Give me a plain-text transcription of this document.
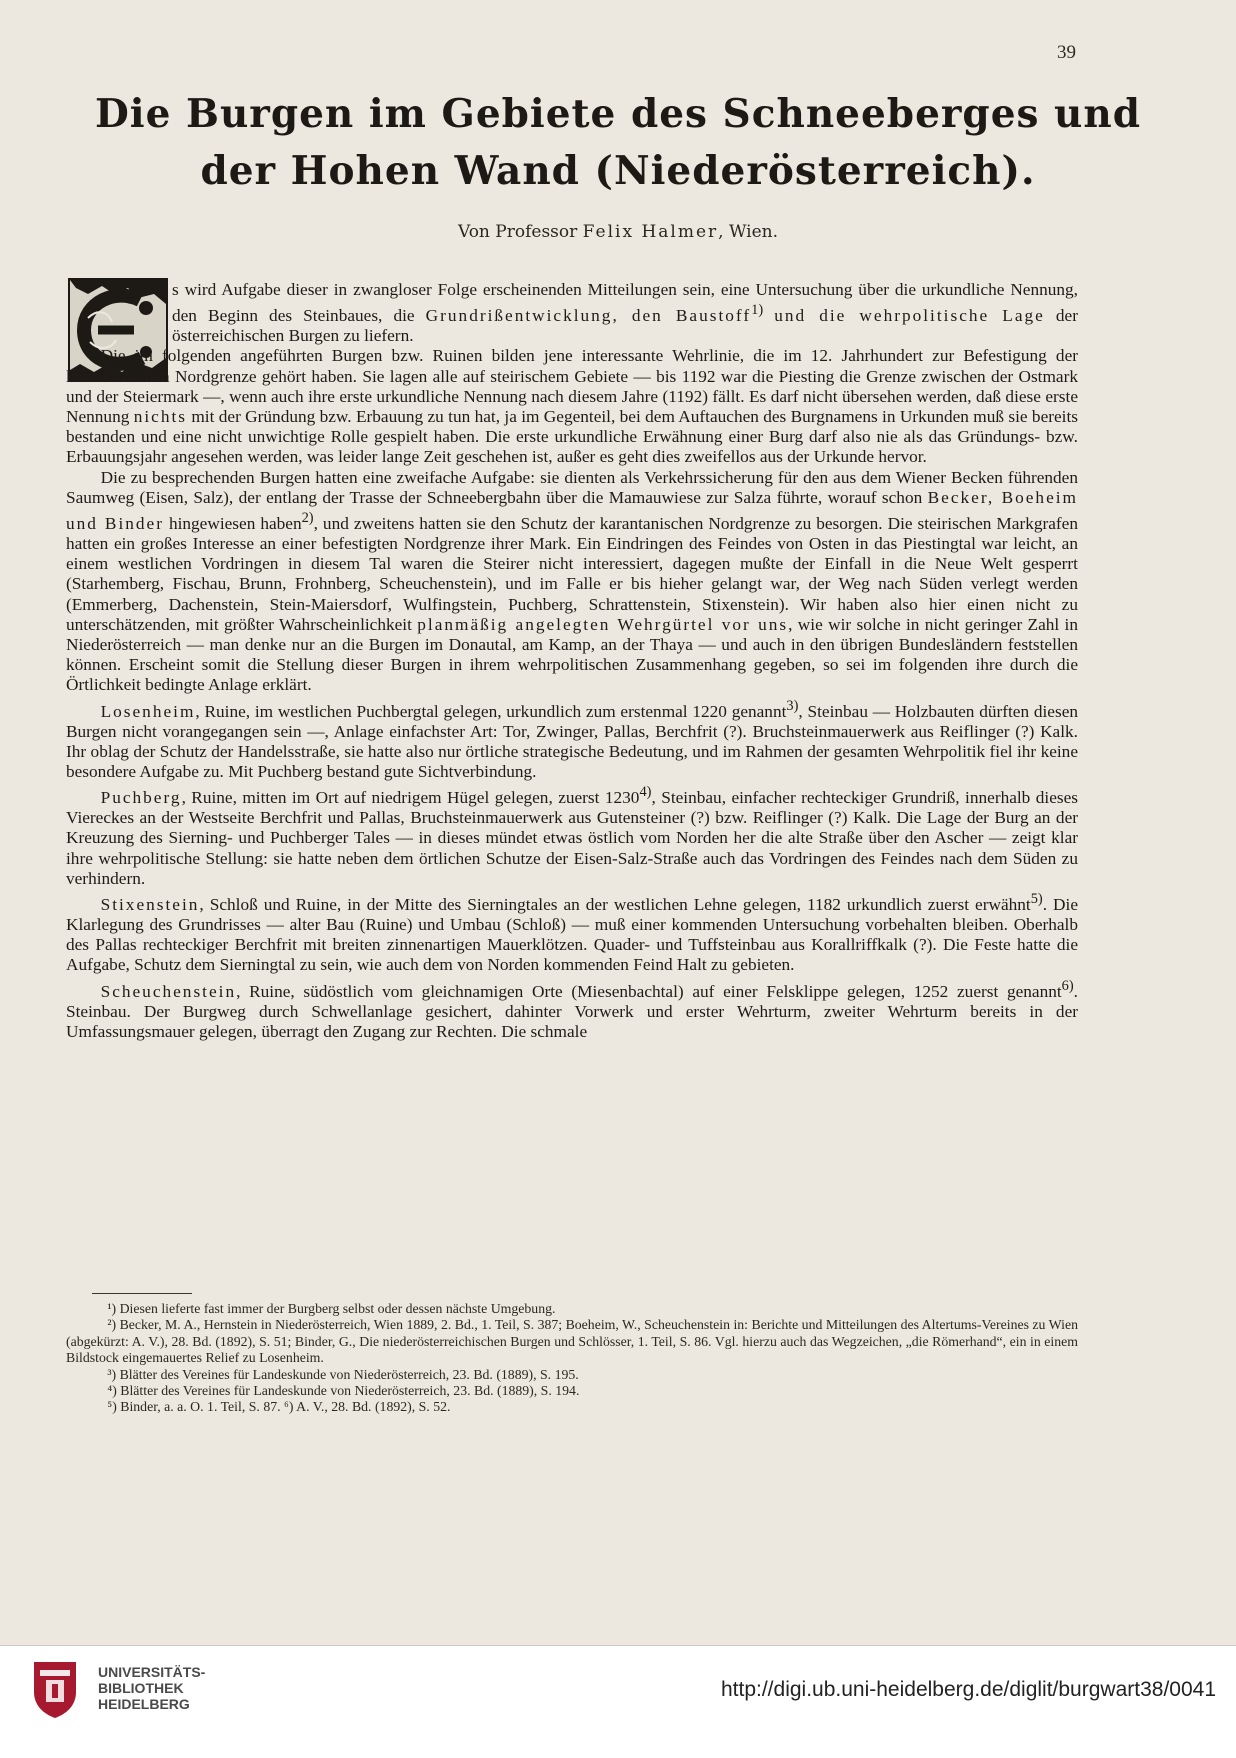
39
Die Burgen im Gebiete des Schneeberges und
der Hohen Wand (Niederösterreich).
Von Professor Felix Halmer, Wien.

s wird Aufgabe dieser in zwangloser Folge erscheinenden Mitteilungen sein, eine Untersuchung über die urkundliche Nennung, den Beginn des Steinbaues, die Grundrißentwicklung, den Baustoff$^{1)}$ und die wehrpolitische Lage der österreichischen Burgen zu liefern.

Die im folgenden angeführten Burgen bzw. Ruinen bilden jene interessante Wehrlinie, die im 12. Jahrhundert zur Befestigung der karantanischen Nordgrenze gehört haben. Sie lagen alle auf steirischem Gebiete — bis 1192 war die Piesting die Grenze zwischen der Ostmark und der Steiermark —, wenn auch ihre erste urkundliche Nennung nach diesem Jahre (1192) fällt. Es darf nicht übersehen werden, daß diese erste Nennung nichts mit der Gründung bzw. Erbauung zu tun hat, ja im Gegenteil, bei dem Auftauchen des Burgnamens in Urkunden muß sie bereits bestanden und eine nicht unwichtige Rolle gespielt haben. Die erste urkundliche Erwähnung einer Burg darf also nie als das Gründungs- bzw. Erbauungsjahr angesehen werden, was leider lange Zeit geschehen ist, außer es geht dies zweifellos aus der Urkunde hervor.

Die zu besprechenden Burgen hatten eine zweifache Aufgabe: sie dienten als Verkehrssicherung für den aus dem Wiener Becken führenden Saumweg (Eisen, Salz), der entlang der Trasse der Schneebergbahn über die Mamauwiese zur Salza führte, worauf schon Becker, Boeheim und Binder hingewiesen haben$^{2)}$, und zweitens hatten sie den Schutz der karantanischen Nordgrenze zu besorgen. Die steirischen Markgrafen hatten ein großes Interesse an einer befestigten Nordgrenze ihrer Mark. Ein Eindringen des Feindes von Osten in das Piestingtal war leicht, an einem westlichen Vordringen in diesem Tal waren die Steirer nicht interessiert, dagegen mußte der Einfall in die Neue Welt gesperrt (Starhemberg, Fischau, Brunn, Frohnberg, Scheuchenstein), und im Falle er bis hieher gelangt war, der Weg nach Süden verlegt werden (Emmerberg, Dachenstein, Stein-Maiersdorf, Wulfingstein, Puchberg, Schrattenstein, Stixenstein). Wir haben also hier einen nicht zu unterschätzenden, mit größter Wahrscheinlichkeit planmäßig angelegten Wehrgürtel vor uns, wie wir solche in nicht geringer Zahl in Niederösterreich — man denke nur an die Burgen im Donautal, am Kamp, an der Thaya — und auch in den übrigen Bundesländern feststellen können. Erscheint somit die Stellung dieser Burgen in ihrem wehrpolitischen Zusammenhang gegeben, so sei im folgenden ihre durch die Örtlichkeit bedingte Anlage erklärt.

Losenheim, Ruine, im westlichen Puchbergtal gelegen, urkundlich zum erstenmal 1220 genannt$^{3)}$, Steinbau — Holzbauten dürften diesen Burgen nicht vorangegangen sein —, Anlage einfachster Art: Tor, Zwinger, Pallas, Berchfrit (?). Bruchsteinmauerwerk aus Reiflinger (?) Kalk. Ihr oblag der Schutz der Handelsstraße, sie hatte also nur örtliche strategische Bedeutung, und im Rahmen der gesamten Wehrpolitik fiel ihr keine besondere Aufgabe zu. Mit Puchberg bestand gute Sichtverbindung.

Puchberg, Ruine, mitten im Ort auf niedrigem Hügel gelegen, zuerst 1230$^{4)}$, Steinbau, einfacher rechteckiger Grundriß, innerhalb dieses Viereckes an der Westseite Berchfrit und Pallas, Bruchsteinmauerwerk aus Gutensteiner (?) bzw. Reiflinger (?) Kalk. Die Lage der Burg an der Kreuzung des Sierning- und Puchberger Tales — in dieses mündet etwas östlich vom Norden her die alte Straße über den Ascher — zeigt klar ihre wehrpolitische Stellung: sie hatte neben dem örtlichen Schutze der Eisen-Salz-Straße auch das Vordringen des Feindes nach dem Süden zu verhindern.

Stixenstein, Schloß und Ruine, in der Mitte des Sierningtales an der westlichen Lehne gelegen, 1182 urkundlich zuerst erwähnt$^{5)}$. Die Klarlegung des Grundrisses — alter Bau (Ruine) und Umbau (Schloß) — muß einer kommenden Untersuchung vorbehalten bleiben. Oberhalb des Pallas rechteckiger Berchfrit mit breiten zinnenartigen Mauerklötzen. Quader- und Tuffsteinbau aus Korallriffkalk (?). Die Feste hatte die Aufgabe, Schutz dem Sierningtal zu sein, wie auch dem von Norden kommenden Feind Halt zu gebieten.

Scheuchenstein, Ruine, südöstlich vom gleichnamigen Orte (Miesenbachtal) auf einer Felsklippe gelegen, 1252 zuerst genannt$^{6)}$. Steinbau. Der Burgweg durch Schwellanlage gesichert, dahinter Vorwerk und erster Wehrturm, zweiter Wehrturm bereits in der Umfassungsmauer gelegen, überragt den Zugang zur Rechten. Die schmale

¹) Diesen lieferte fast immer der Burgberg selbst oder dessen nächste Umgebung.

²) Becker, M. A., Hernstein in Niederösterreich, Wien 1889, 2. Bd., 1. Teil, S. 387; Boeheim, W., Scheuchenstein in: Berichte und Mitteilungen des Altertums-Vereines zu Wien (abgekürzt: A. V.), 28. Bd. (1892), S. 51; Binder, G., Die niederösterreichischen Burgen und Schlösser, 1. Teil, S. 86. Vgl. hierzu auch das Wegzeichen, „die Römerhand“, ein in einem Bildstock eingemauertes Relief zu Losenheim.

³) Blätter des Vereines für Landeskunde von Niederösterreich, 23. Bd. (1889), S. 195.

⁴) Blätter des Vereines für Landeskunde von Niederösterreich, 23. Bd. (1889), S. 194.

⁵) Binder, a. a. O. 1. Teil, S. 87. ⁶) A. V., 28. Bd. (1892), S. 52.

UNIVERSITÄTS-
BIBLIOTHEK
HEIDELBERG
http://digi.ub.uni-heidelberg.de/diglit/burgwart38/0041
